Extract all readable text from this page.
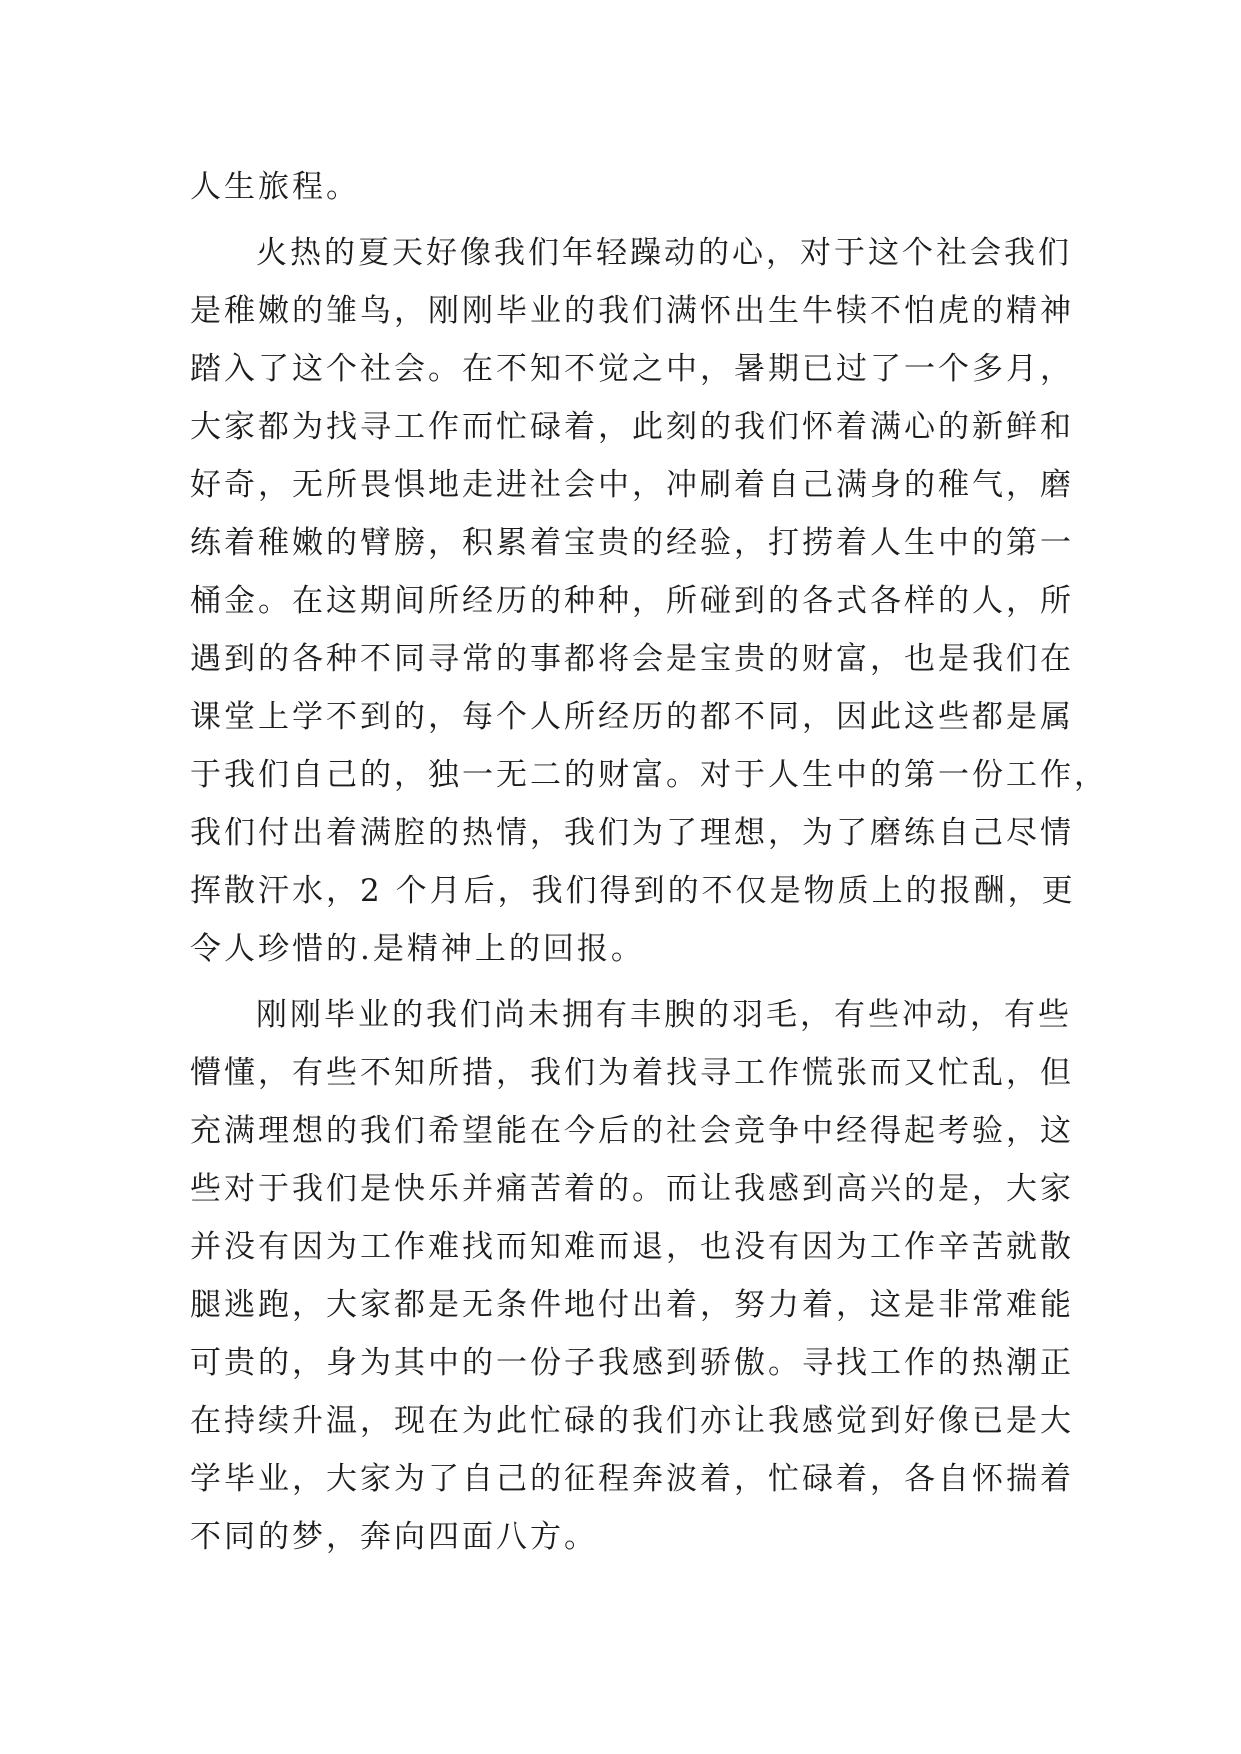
人生旅程。
火热的夏天好像我们年轻躁动的心，对于这个社会我们
是稚嫩的雏鸟，刚刚毕业的我们满怀出生牛犊不怕虎的精神
踏入了这个社会。在不知不觉之中，暑期已过了一个多月，
大家都为找寻工作而忙碌着，此刻的我们怀着满心的新鲜和
好奇，无所畏惧地走进社会中，冲刷着自己满身的稚气，磨
练着稚嫩的臂膀，积累着宝贵的经验，打捞着人生中的第一
桶金。在这期间所经历的种种，所碰到的各式各样的人，所
遇到的各种不同寻常的事都将会是宝贵的财富，也是我们在
课堂上学不到的，每个人所经历的都不同，因此这些都是属
于我们自己的，独一无二的财富。对于人生中的第一份工作，
我们付出着满腔的热情，我们为了理想，为了磨练自己尽情
挥散汗水，2 个月后，我们得到的不仅是物质上的报酬，更
令人珍惜的.是精神上的回报。
刚刚毕业的我们尚未拥有丰腴的羽毛，有些冲动，有些
懵懂，有些不知所措，我们为着找寻工作慌张而又忙乱，但
充满理想的我们希望能在今后的社会竞争中经得起考验，这
些对于我们是快乐并痛苦着的。而让我感到高兴的是，大家
并没有因为工作难找而知难而退，也没有因为工作辛苦就散
腿逃跑，大家都是无条件地付出着，努力着，这是非常难能
可贵的，身为其中的一份子我感到骄傲。寻找工作的热潮正
在持续升温，现在为此忙碌的我们亦让我感觉到好像已是大
学毕业，大家为了自己的征程奔波着，忙碌着，各自怀揣着
不同的梦，奔向四面八方。
